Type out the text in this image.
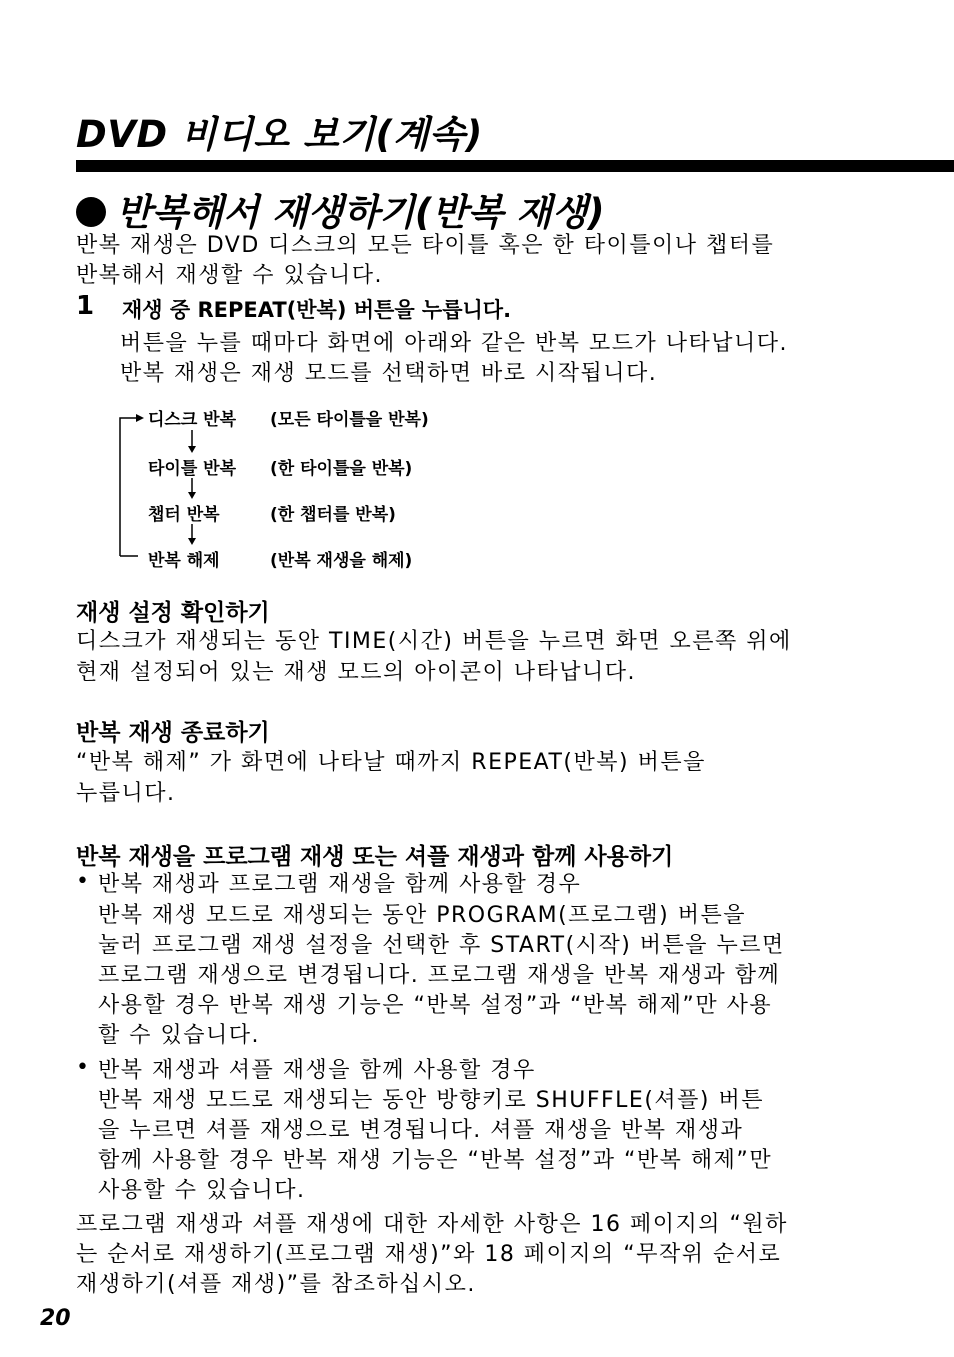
DVD 비디오 보기(계속)
반복해서 재생하기(반복 재생)
반복 재생은 DVD 디스크의 모든 타이틀 혹은 한 타이틀이나 챕터를
반복해서 재생할 수 있습니다.
1 재생 중 REPEAT(반복) 버튼을 누릅니다.
버튼을 누를 때마다 화면에 아래와 같은 반복 모드가 나타납니다.
반복 재생은 재생 모드를 선택하면 바로 시작됩니다.
디스크 반복 (모든 타이틀을 반복)
타이틀 반복 (한 타이틀을 반복)
챕터 반복	(한 챕터를 반복)
반복 해제	(반복 재생을 해제)
재생 설정 확인하기
디스크가 재생되는 동안 TIME(시간) 버튼을 누르면 화면 오른쪽 위에
현재 설정되어 있는 재생 모드의 아이콘이 나타납니다.
반복 재생 종료하기
“반복 해제” 가 화면에 나타날 때까지 REPEAT(반복) 버튼을
누릅니다.
반복 재생을 프로그램 재생 또는 셔플 재생과 함께 사용하기
• 반복 재생과 프로그램 재생을 함께 사용할 경우
반복 재생 모드로 재생되는 동안 PROGRAM(프로그램) 버튼을
눌러 프로그램 재생 설정을 선택한 후 START(시작) 버튼을 누르면
프로그램 재생으로 변경됩니다. 프로그램 재생을 반복 재생과 함께
사용할 경우 반복 재생 기능은 “반복 설정”과 “반복 해제”만 사용
할 수 있습니다.
• 반복 재생과 셔플 재생을 함께 사용할 경우
반복 재생 모드로 재생되는 동안 방향키로 SHUFFLE(셔플) 버튼
을 누르면 셔플 재생으로 변경됩니다. 셔플 재생을 반복 재생과
함께 사용할 경우 반복 재생 기능은 “반복 설정”과 “반복 해제”만
사용할 수 있습니다.
프로그램 재생과 셔플 재생에 대한 자세한 사항은 16 페이지의 “원하
는 순서로 재생하기(프로그램 재생)”와 18 페이지의 “무작위 순서로
재생하기(셔플 재생)”를 참조하십시오.
20
